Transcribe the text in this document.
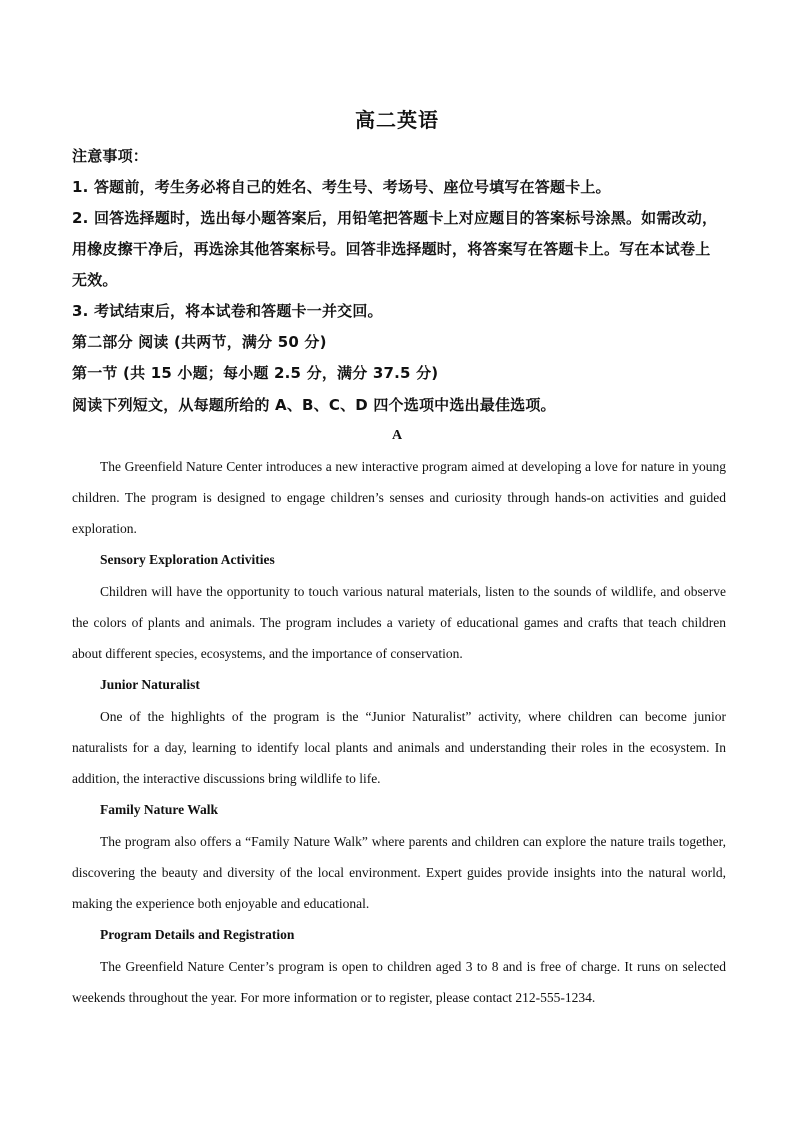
高二英语
注意事项：
1. 答题前，考生务必将自己的姓名、考生号、考场号、座位号填写在答题卡上。
2. 回答选择题时，选出每小题答案后，用铅笔把答题卡上对应题目的答案标号涂黑。如需改动，用橡皮擦干净后，再选涂其他答案标号。回答非选择题时，将答案写在答题卡上。写在本试卷上无效。
3. 考试结束后，将本试卷和答题卡一并交回。
第二部分 阅读 (共两节，满分 50 分)
第一节 (共 15 小题；每小题 2.5 分，满分 37.5 分)
阅读下列短文，从每题所给的 A、B、C、D 四个选项中选出最佳选项。
A
The Greenfield Nature Center introduces a new interactive program aimed at developing a love for nature in young children. The program is designed to engage children’s senses and curiosity through hands-on activities and guided exploration.
Sensory Exploration Activities
Children will have the opportunity to touch various natural materials, listen to the sounds of wildlife, and observe the colors of plants and animals. The program includes a variety of educational games and crafts that teach children about different species, ecosystems, and the importance of conservation.
Junior Naturalist
One of the highlights of the program is the “Junior Naturalist” activity, where children can become junior naturalists for a day, learning to identify local plants and animals and understanding their roles in the ecosystem. In addition, the interactive discussions bring wildlife to life.
Family Nature Walk
The program also offers a “Family Nature Walk” where parents and children can explore the nature trails together, discovering the beauty and diversity of the local environment. Expert guides provide insights into the natural world, making the experience both enjoyable and educational.
Program Details and Registration
The Greenfield Nature Center’s program is open to children aged 3 to 8 and is free of charge. It runs on selected weekends throughout the year. For more information or to register, please contact 212-555-1234.
